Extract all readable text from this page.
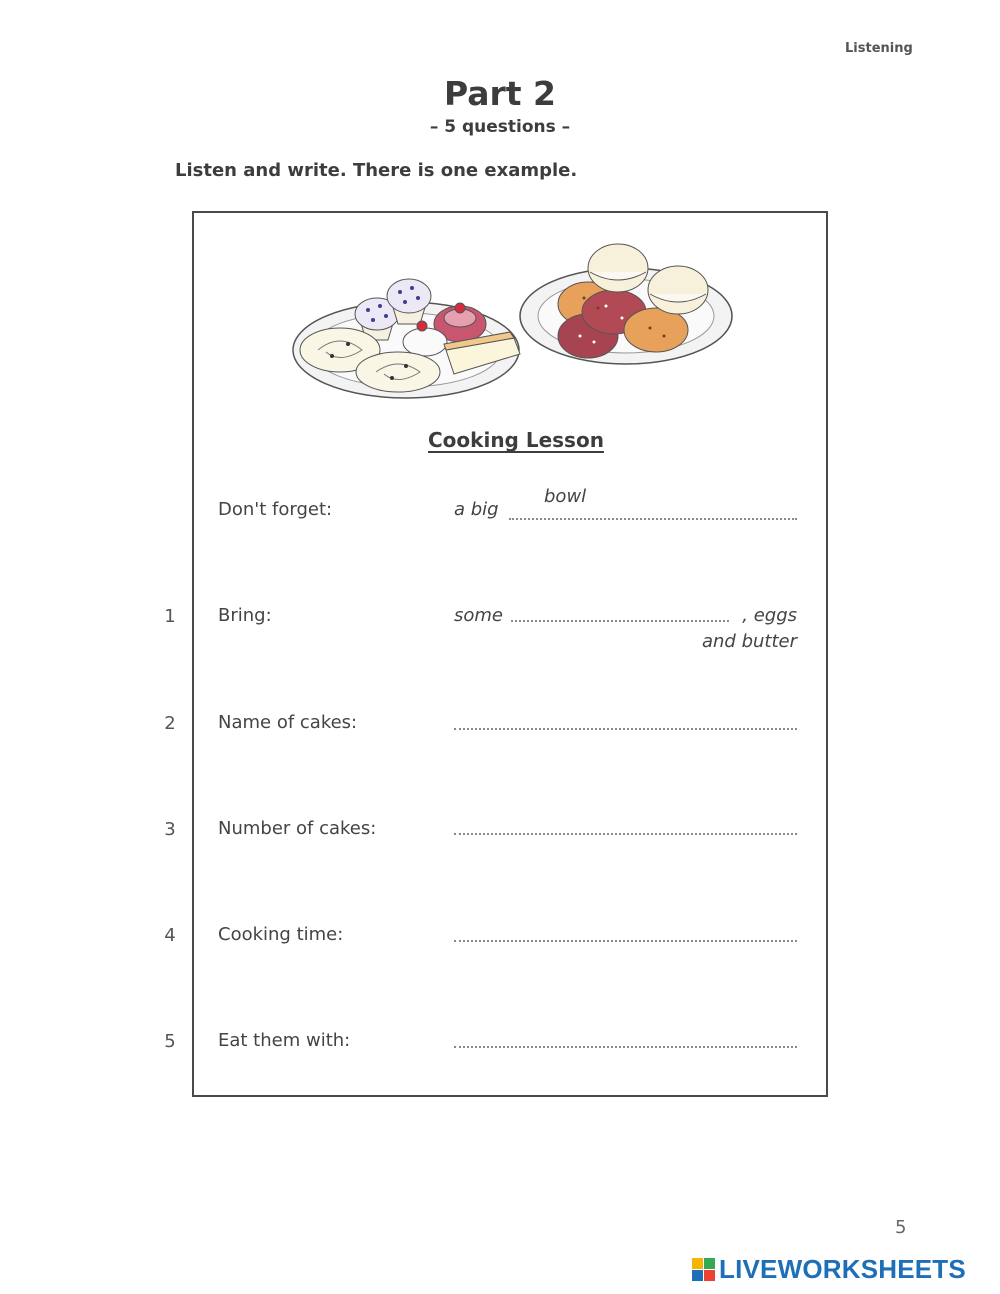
Listening
Part 2
– 5 questions –
Listen and write. There is one example.
Cooking Lesson
Don't forget:	a big
bowl
1	Bring:	some	, eggs
and butter
2	Name of cakes:
3	Number of cakes:
4	Cooking time:
5	Eat them with:
5
LIVEWORKSHEETS
